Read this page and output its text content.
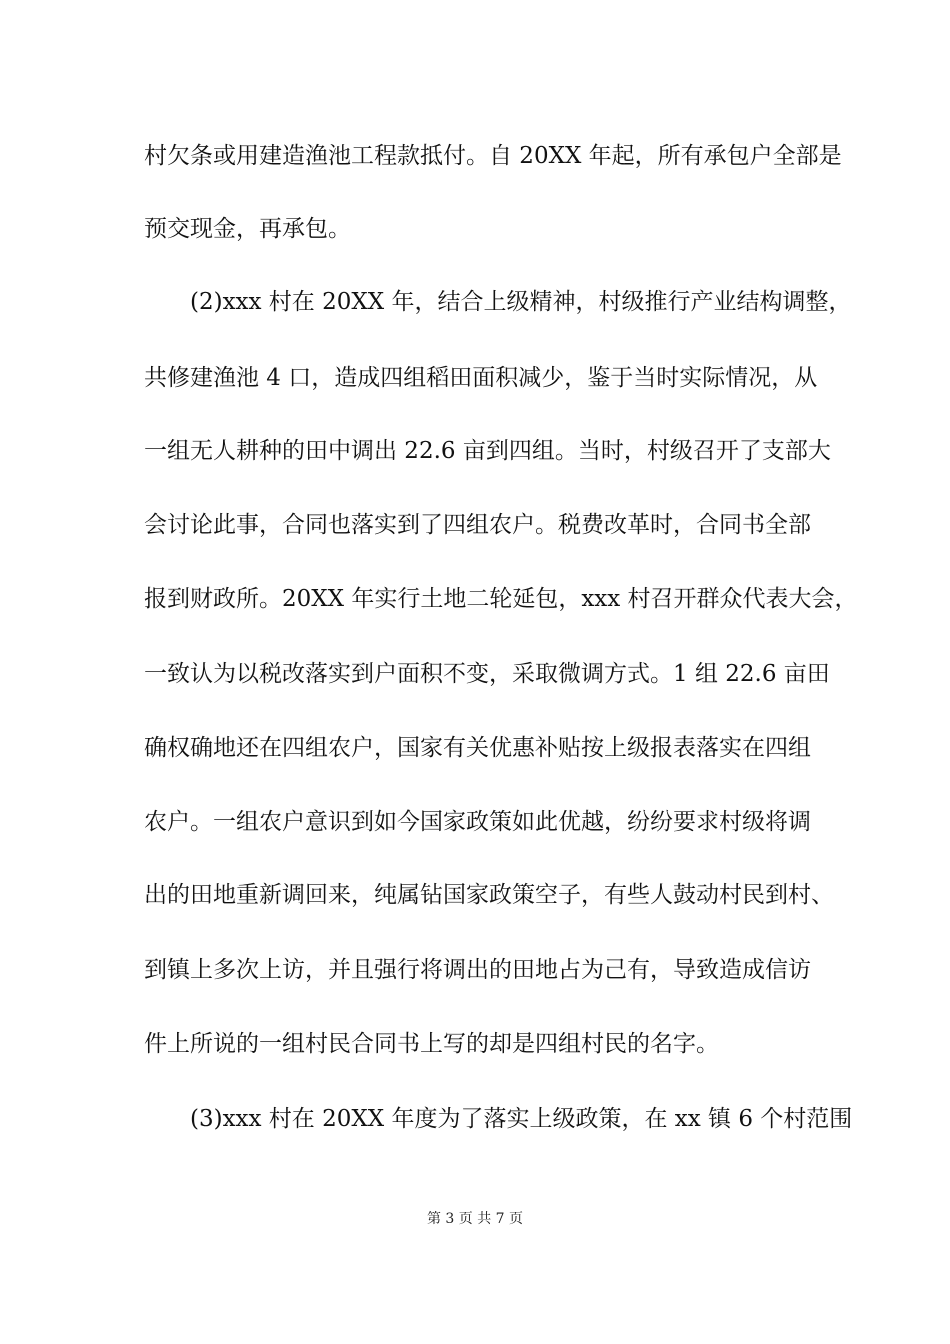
村欠条或用建造渔池工程款抵付。自 20XX 年起，所有承包户全部是
预交现金，再承包。
　　(2)xxx 村在 20XX 年，结合上级精神，村级推行产业结构调整，
共修建渔池 4 口，造成四组稻田面积减少，鉴于当时实际情况，从
一组无人耕种的田中调出 22.6 亩到四组。当时，村级召开了支部大
会讨论此事，合同也落实到了四组农户。税费改革时，合同书全部
报到财政所。20XX 年实行土地二轮延包，xxx 村召开群众代表大会，
一致认为以税改落实到户面积不变，采取微调方式。1 组 22.6 亩田
确权确地还在四组农户，国家有关优惠补贴按上级报表落实在四组
农户。一组农户意识到如今国家政策如此优越，纷纷要求村级将调
出的田地重新调回来，纯属钻国家政策空子，有些人鼓动村民到村、
到镇上多次上访，并且强行将调出的田地占为己有，导致造成信访
件上所说的一组村民合同书上写的却是四组村民的名字。
　　(3)xxx 村在 20XX 年度为了落实上级政策，在 xx 镇 6 个村范围
第 3 页 共 7 页
